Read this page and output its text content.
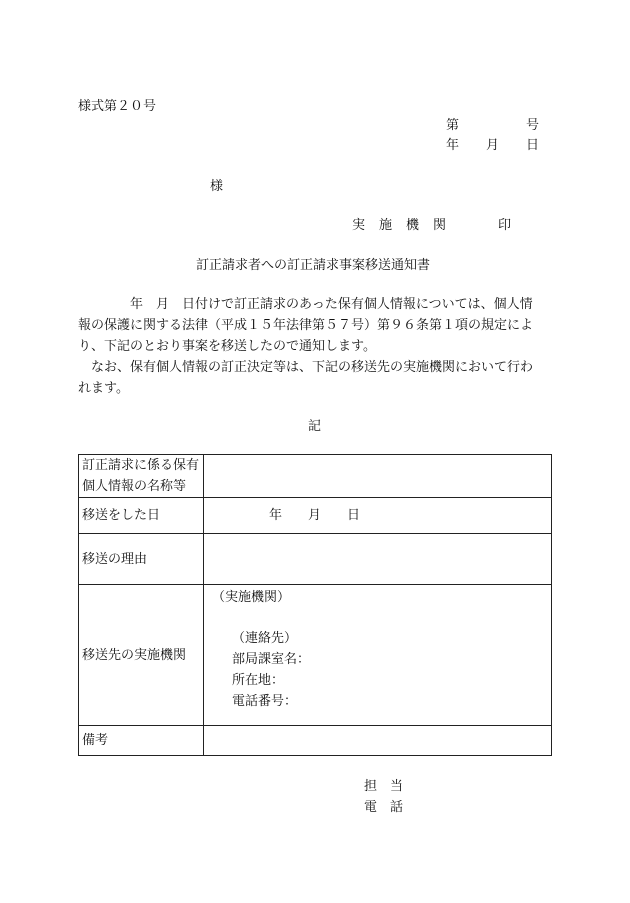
様式第２０号
第	号
年 月 日
様
実施機関	印
訂正請求者への訂正請求事案移送通知書

　　　　年　月　日付けで訂正請求のあった保有個人情報については、個人情

報の保護に関する法律（平成１５年法律第５７号）第９６条第１項の規定によ

り、下記のとおり事案を移送したので通知します。

　なお、保有個人情報の訂正決定等は、下記の移送先の実施機関において行わ

れます。

記
訂正請求に係る保有
個人情報の名称等	

移送をした日	　　　　年　　月　　日
移送の理由	
移送先の実施機関	（実施機関）
（連絡先）
部局課室名：
所在地：
電話番号：

備考	
担　当
電　話
